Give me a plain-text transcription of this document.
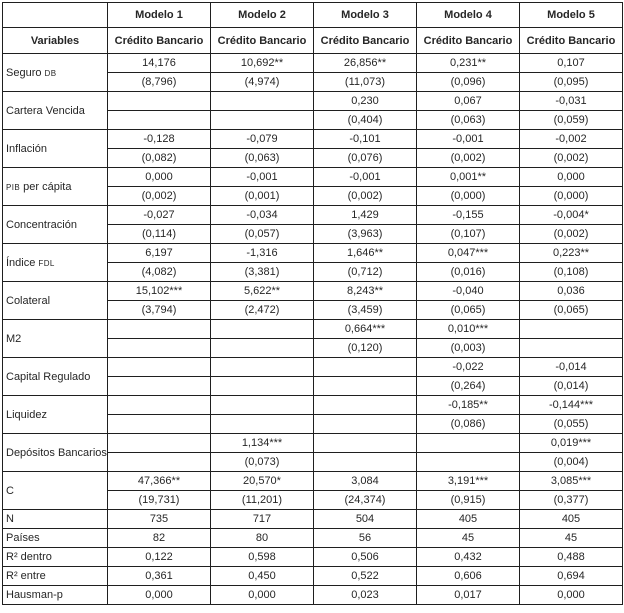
	Modelo 1	Modelo 2	Modelo 3	Modelo 4	Modelo 5
Variables	Crédito Bancario	Crédito Bancario	Crédito Bancario	Crédito Bancario	Crédito Bancario
Seguro DB	14,176	10,692**	26,856**	0,231**	0,107
	(8,796)	(4,974)	(11,073)	(0,096)	(0,095)
Cartera Vencida			0,230	0,067	-0,031
			(0,404)	(0,063)	(0,059)
Inflación	-0,128	-0,079	-0,101	-0,001	-0,002
	(0,082)	(0,063)	(0,076)	(0,002)	(0,002)
PIB per cápita	0,000	-0,001	-0,001	0,001**	0,000
	(0,002)	(0,001)	(0,002)	(0,000)	(0,000)
Concentración	-0,027	-0,034	1,429	-0,155	-0,004*
	(0,114)	(0,057)	(3,963)	(0,107)	(0,002)
Índice FDL	6,197	-1,316	1,646**	0,047***	0,223**
	(4,082)	(3,381)	(0,712)	(0,016)	(0,108)
Colateral	15,102***	5,622**	8,243**	-0,040	0,036
	(3,794)	(2,472)	(3,459)	(0,065)	(0,065)
M2			0,664***	0,010***	
			(0,120)	(0,003)	
Capital Regulado				-0,022	-0,014
				(0,264)	(0,014)
Liquidez				-0,185**	-0,144***
				(0,086)	(0,055)
Depósitos Bancarios		1,134***			0,019***
		(0,073)			(0,004)
C	47,366**	20,570*	3,084	3,191***	3,085***
	(19,731)	(11,201)	(24,374)	(0,915)	(0,377)
N	735	717	504	405	405
Países	82	80	56	45	45
R² dentro	0,122	0,598	0,506	0,432	0,488
R² entre	0,361	0,450	0,522	0,606	0,694
Hausman-p	0,000	0,000	0,023	0,017	0,000
